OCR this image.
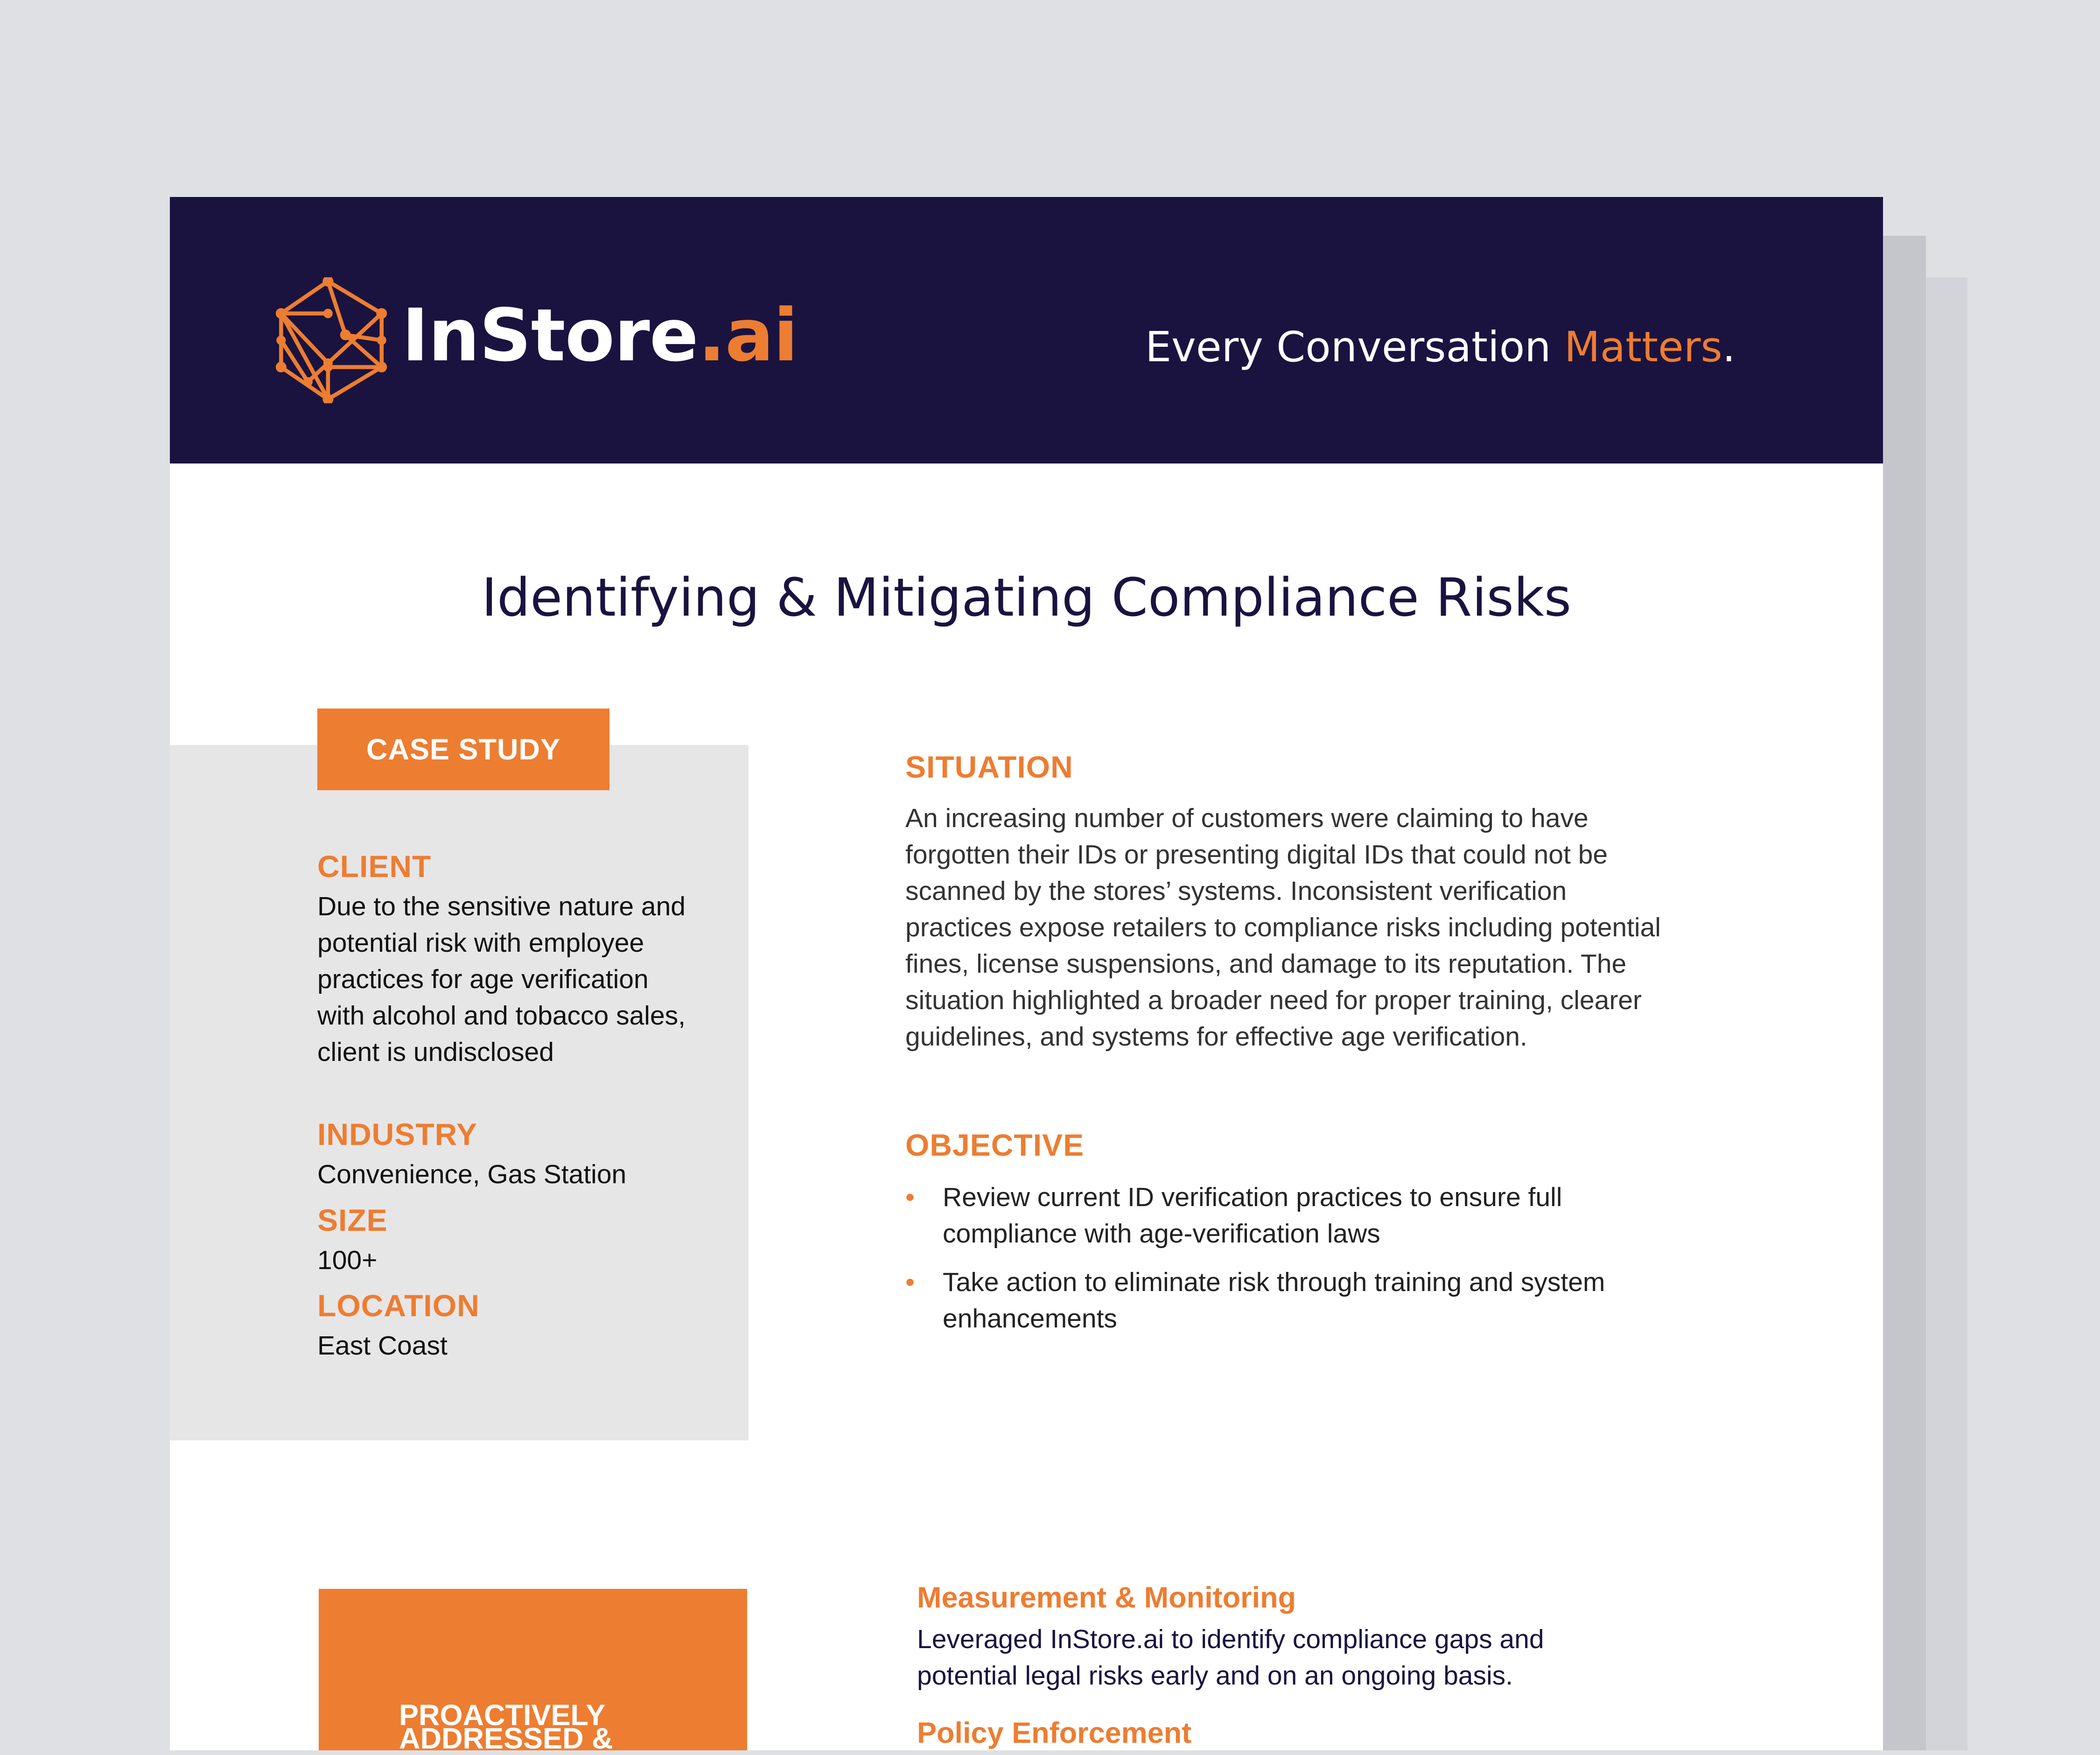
InStore.ai	Every Conversation Matters.
Identifying & Mitigating Compliance Risks
CASE STUDY
CLIENT
Due to the sensitive nature and potential risk with employee practices for age verification with alcohol and tobacco sales, client is undisclosed
INDUSTRY
Convenience, Gas Station
SIZE
100+
LOCATION
East Coast
SITUATION
An increasing number of customers were claiming to have forgotten their IDs or presenting digital IDs that could not be scanned by the stores’ systems. Inconsistent verification practices expose retailers to compliance risks including potential fines, license suspensions, and damage to its reputation. The situation highlighted a broader need for proper training, clearer guidelines, and systems for effective age verification.
OBJECTIVE
• Review current ID verification practices to ensure full compliance with age-verification laws
• Take action to eliminate risk through training and system enhancements
PROACTIVELY
ADDRESSED &
Measurement & Monitoring
Leveraged InStore.ai to identify compliance gaps and potential legal risks early and on an ongoing basis.
Policy Enforcement
